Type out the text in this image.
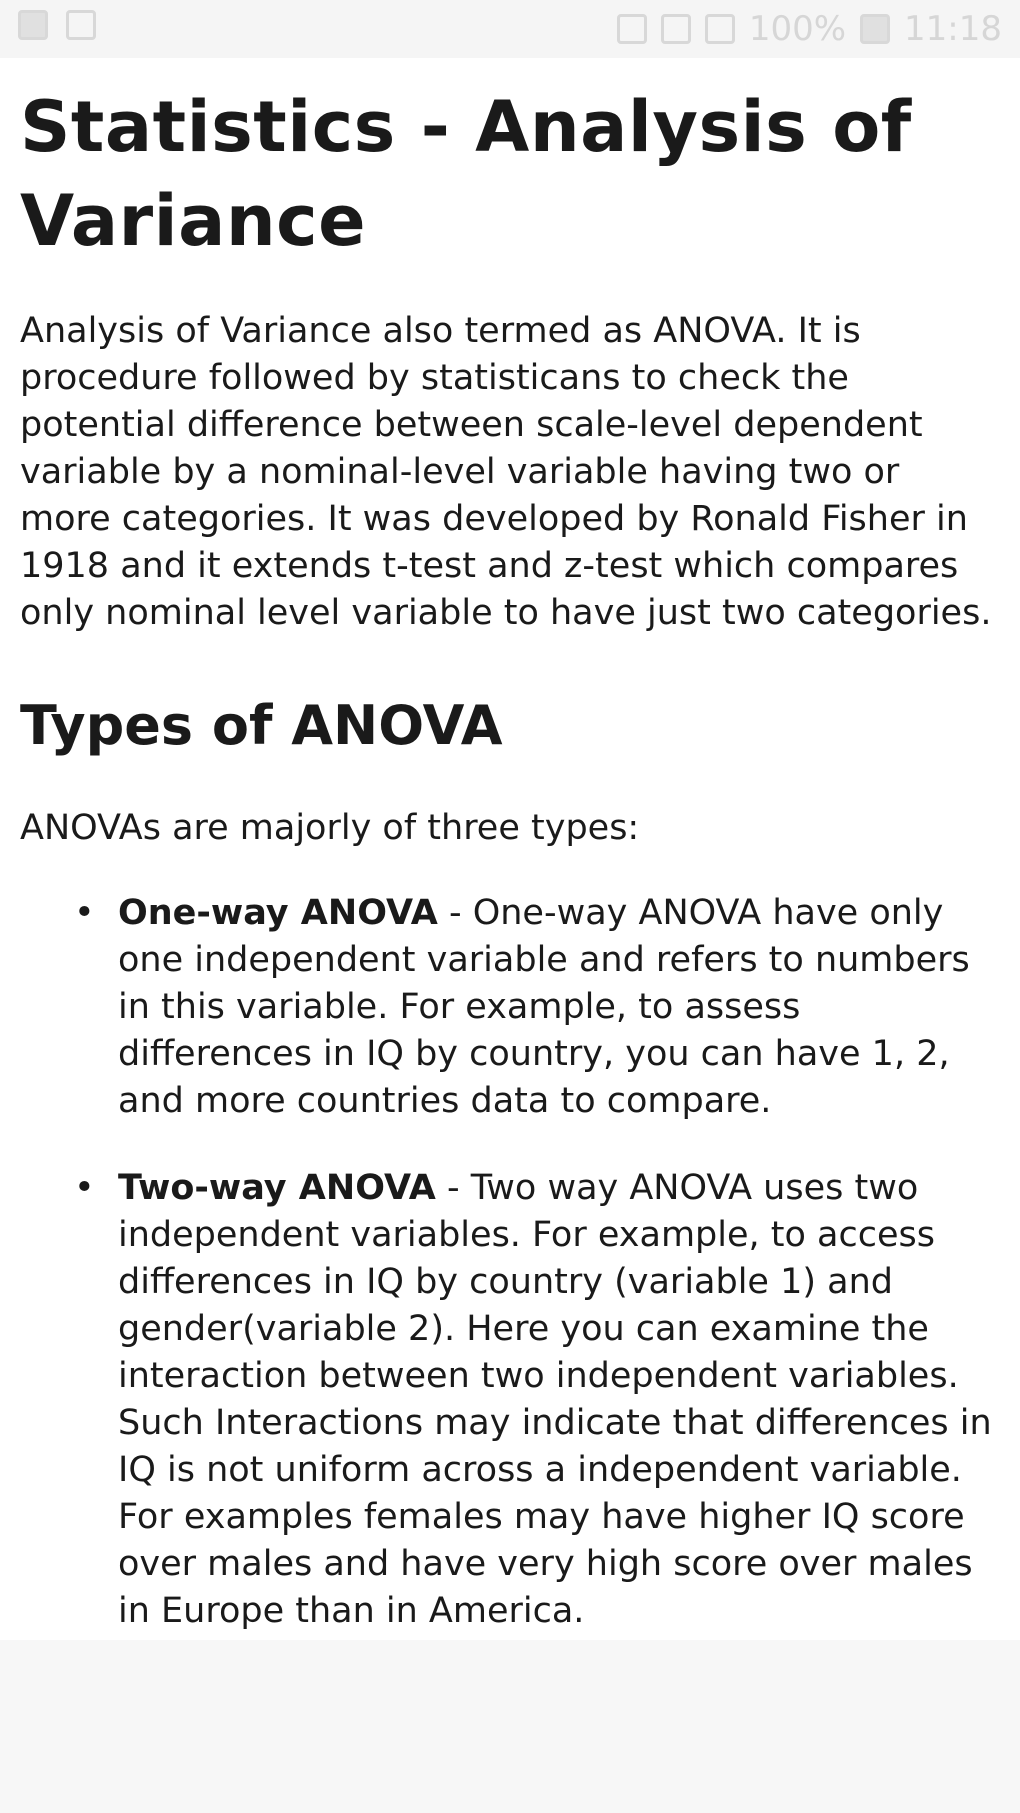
100% 11:18
Statistics - Analysis of Variance

Analysis of Variance also termed as ANOVA. It is procedure followed by statisticans to check the potential difference between scale-level dependent variable by a nominal-level variable having two or more categories. It was developed by Ronald Fisher in 1918 and it extends t-test and z-test which compares only nominal level variable to have just two categories.

Types of ANOVA

ANOVAs are majorly of three types:

• One-way ANOVA - One-way ANOVA have only one independent variable and refers to numbers in this variable. For example, to assess differences in IQ by country, you can have 1, 2, and more countries data to compare.
• Two-way ANOVA - Two way ANOVA uses two independent variables. For example, to access differences in IQ by country (variable 1) and gender(variable 2). Here you can examine the interaction between two independent variables. Such Interactions may indicate that differences in IQ is not uniform across a independent variable. For examples females may have higher IQ score over males and have very high score over males in Europe than in America.
